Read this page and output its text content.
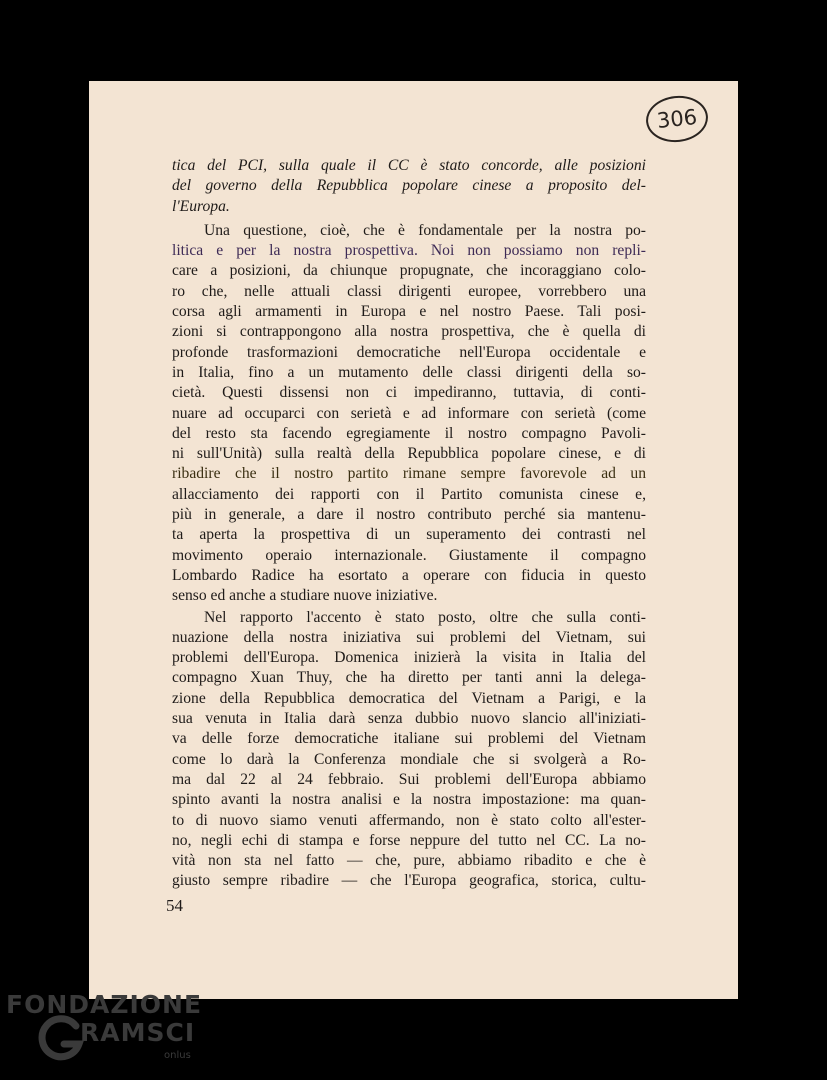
306
tica del PCI, sulla quale il CC è stato concorde, alle posizioni
del governo della Repubblica popolare cinese a proposito del-
l'Europa.
Una questione, cioè, che è fondamentale per la nostra po-
litica e per la nostra prospettiva. Noi non possiamo non repli-
care a posizioni, da chiunque propugnate, che incoraggiano colo-
ro che, nelle attuali classi dirigenti europee, vorrebbero una
corsa agli armamenti in Europa e nel nostro Paese. Tali posi-
zioni si contrappongono alla nostra prospettiva, che è quella di
profonde trasformazioni democratiche nell'Europa occidentale e
in Italia, fino a un mutamento delle classi dirigenti della so-
cietà. Questi dissensi non ci impediranno, tuttavia, di conti-
nuare ad occuparci con serietà e ad informare con serietà (come
del resto sta facendo egregiamente il nostro compagno Pavoli-
ni sull'Unità) sulla realtà della Repubblica popolare cinese, e di
ribadire che il nostro partito rimane sempre favorevole ad un
allacciamento dei rapporti con il Partito comunista cinese e,
più in generale, a dare il nostro contributo perché sia mantenu-
ta aperta la prospettiva di un superamento dei contrasti nel
movimento operaio internazionale. Giustamente il compagno
Lombardo Radice ha esortato a operare con fiducia in questo
senso ed anche a studiare nuove iniziative.
Nel rapporto l'accento è stato posto, oltre che sulla conti-
nuazione della nostra iniziativa sui problemi del Vietnam, sui
problemi dell'Europa. Domenica inizierà la visita in Italia del
compagno Xuan Thuy, che ha diretto per tanti anni la delega-
zione della Repubblica democratica del Vietnam a Parigi, e la
sua venuta in Italia darà senza dubbio nuovo slancio all'iniziati-
va delle forze democratiche italiane sui problemi del Vietnam
come lo darà la Conferenza mondiale che si svolgerà a Ro-
ma dal 22 al 24 febbraio. Sui problemi dell'Europa abbiamo
spinto avanti la nostra analisi e la nostra impostazione: ma quan-
to di nuovo siamo venuti affermando, non è stato colto all'ester-
no, negli echi di stampa e forse neppure del tutto nel CC. La no-
vità non sta nel fatto — che, pure, abbiamo ribadito e che è
giusto sempre ribadire — che l'Europa geografica, storica, cultu-
54
FONDAZIONE
RAMSCI
onlus
